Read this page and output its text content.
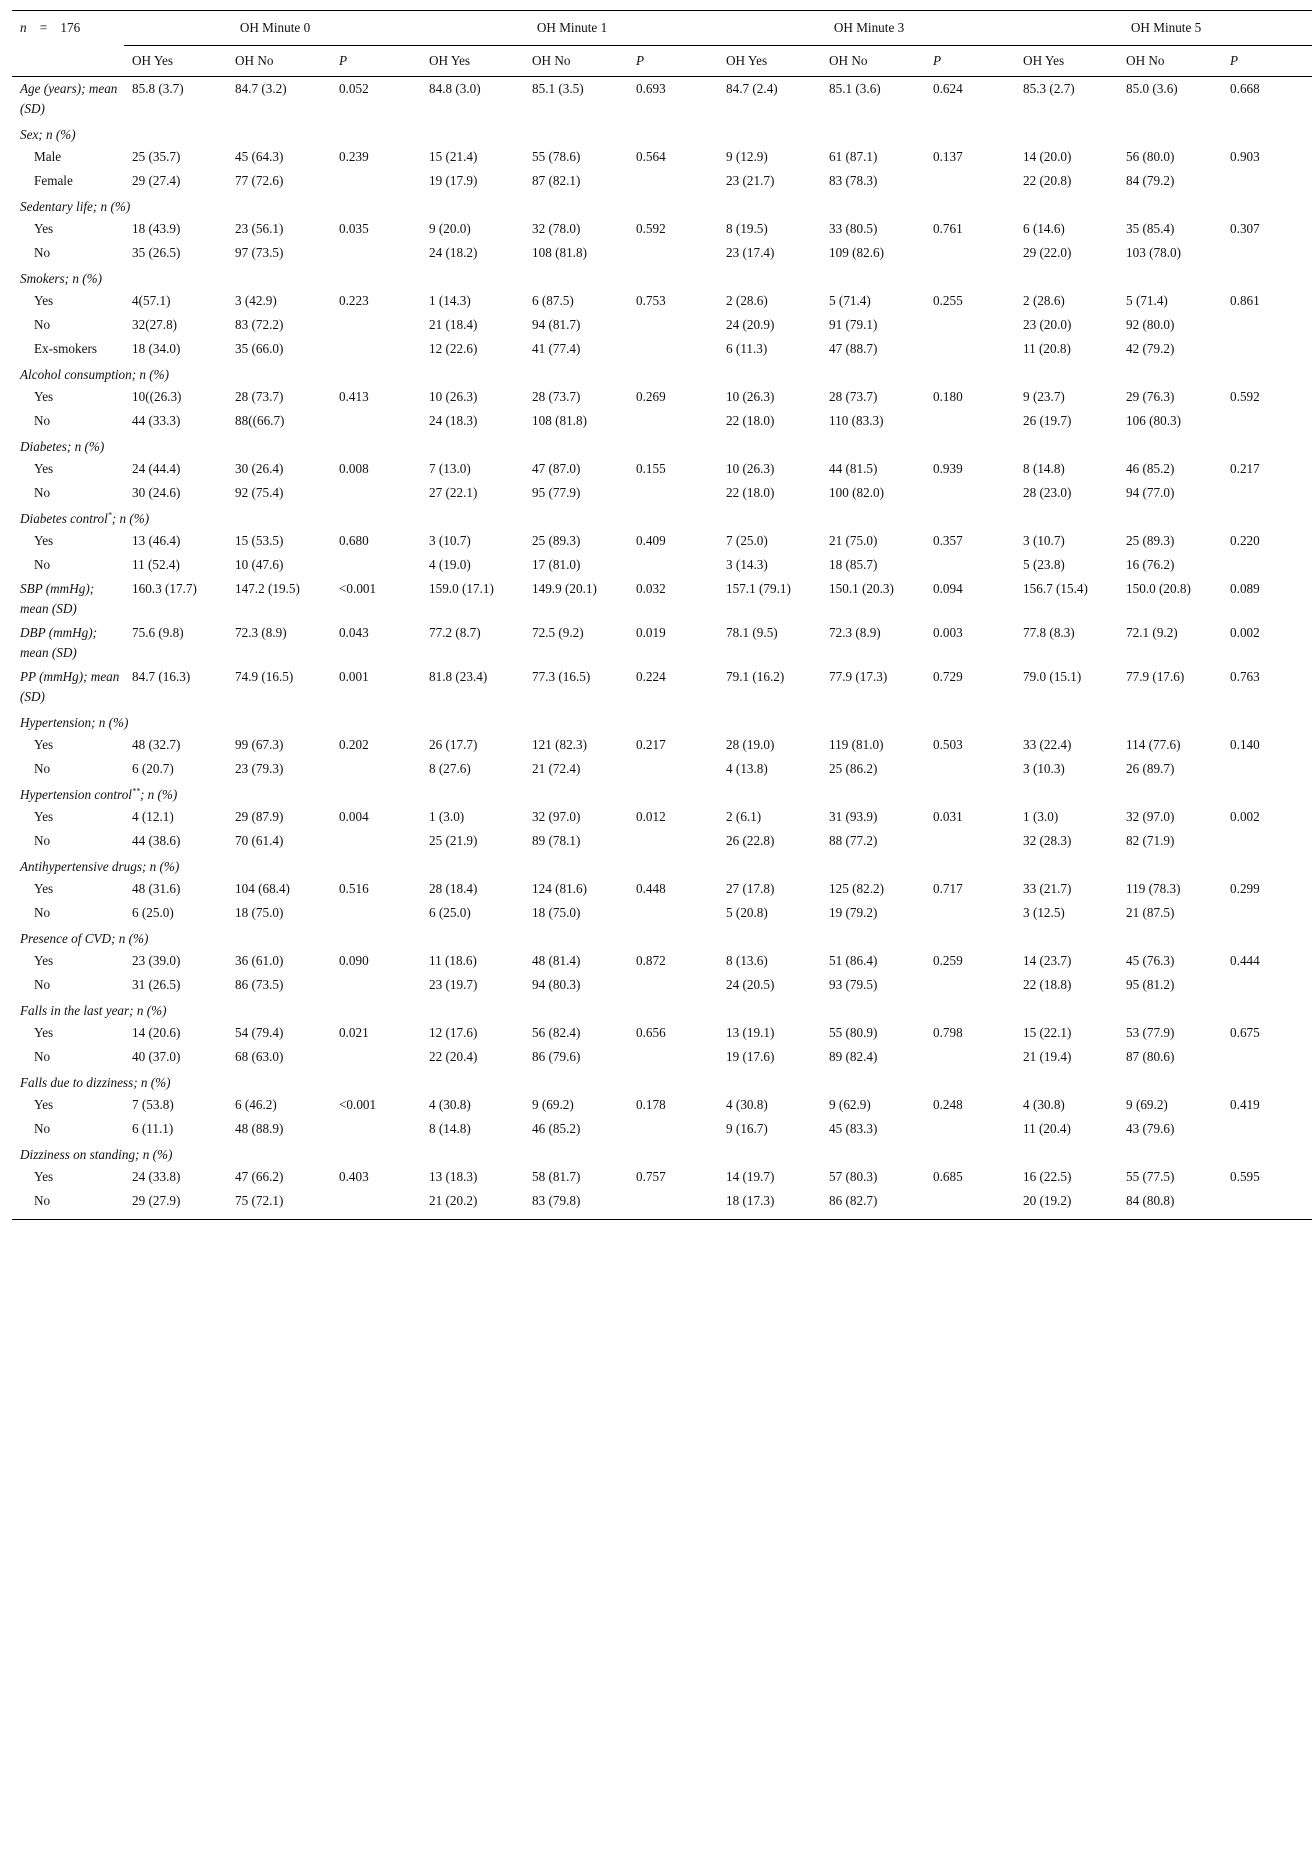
n = 176	OH Minute 0			OH Minute 1			OH Minute 3			OH Minute 5		
	OH Yes	OH No	P	OH Yes	OH No	P	OH Yes	OH No	P	OH Yes	OH No	P
Age (years); mean (SD)	85.8 (3.7)	84.7 (3.2)	0.052	84.8 (3.0)	85.1 (3.5)	0.693	84.7 (2.4)	85.1 (3.6)	0.624	85.3 (2.7)	85.0 (3.6)	0.668
Sex; n (%)												
Male	25 (35.7)	45 (64.3)	0.239	15 (21.4)	55 (78.6)	0.564	9 (12.9)	61 (87.1)	0.137	14 (20.0)	56 (80.0)	0.903
Female	29 (27.4)	77 (72.6)		19 (17.9)	87 (82.1)		23 (21.7)	83 (78.3)		22 (20.8)	84 (79.2)	
Sedentary life; n (%)												
Yes	18 (43.9)	23 (56.1)	0.035	9 (20.0)	32 (78.0)	0.592	8 (19.5)	33 (80.5)	0.761	6 (14.6)	35 (85.4)	0.307
No	35 (26.5)	97 (73.5)		24 (18.2)	108 (81.8)		23 (17.4)	109 (82.6)		29 (22.0)	103 (78.0)	
Smokers; n (%)												
Yes	4(57.1)	3 (42.9)	0.223	1 (14.3)	6 (87.5)	0.753	2 (28.6)	5 (71.4)	0.255	2 (28.6)	5 (71.4)	0.861
No	32(27.8)	83 (72.2)		21 (18.4)	94 (81.7)		24 (20.9)	91 (79.1)		23 (20.0)	92 (80.0)	
Ex-smokers	18 (34.0)	35 (66.0)		12 (22.6)	41 (77.4)		6 (11.3)	47 (88.7)		11 (20.8)	42 (79.2)	
Alcohol consumption; n (%)												
Yes	10((26.3)	28 (73.7)	0.413	10 (26.3)	28 (73.7)	0.269	10 (26.3)	28 (73.7)	0.180	9 (23.7)	29 (76.3)	0.592
No	44 (33.3)	88((66.7)		24 (18.3)	108 (81.8)		22 (18.0)	110 (83.3)		26 (19.7)	106 (80.3)	
Diabetes; n (%)												
Yes	24 (44.4)	30 (26.4)	0.008	7 (13.0)	47 (87.0)	0.155	10 (26.3)	44 (81.5)	0.939	8 (14.8)	46 (85.2)	0.217
No	30 (24.6)	92 (75.4)		27 (22.1)	95 (77.9)		22 (18.0)	100 (82.0)		28 (23.0)	94 (77.0)	
Diabetes control*; n (%)												
Yes	13 (46.4)	15 (53.5)	0.680	3 (10.7)	25 (89.3)	0.409	7 (25.0)	21 (75.0)	0.357	3 (10.7)	25 (89.3)	0.220
No	11 (52.4)	10 (47.6)		4 (19.0)	17 (81.0)		3 (14.3)	18 (85.7)		5 (23.8)	16 (76.2)	
SBP (mmHg); mean (SD)	160.3 (17.7)	147.2 (19.5)	<0.001	159.0 (17.1)	149.9 (20.1)	0.032	157.1 (79.1)	150.1 (20.3)	0.094	156.7 (15.4)	150.0 (20.8)	0.089
DBP (mmHg); mean (SD)	75.6 (9.8)	72.3 (8.9)	0.043	77.2 (8.7)	72.5 (9.2)	0.019	78.1 (9.5)	72.3 (8.9)	0.003	77.8 (8.3)	72.1 (9.2)	0.002
PP (mmHg); mean (SD)	84.7 (16.3)	74.9 (16.5)	0.001	81.8 (23.4)	77.3 (16.5)	0.224	79.1 (16.2)	77.9 (17.3)	0.729	79.0 (15.1)	77.9 (17.6)	0.763
Hypertension; n (%)												
Yes	48 (32.7)	99 (67.3)	0.202	26 (17.7)	121 (82.3)	0.217	28 (19.0)	119 (81.0)	0.503	33 (22.4)	114 (77.6)	0.140
No	6 (20.7)	23 (79.3)		8 (27.6)	21 (72.4)		4 (13.8)	25 (86.2)		3 (10.3)	26 (89.7)	
Hypertension control**; n (%)												
Yes	4 (12.1)	29 (87.9)	0.004	1 (3.0)	32 (97.0)	0.012	2 (6.1)	31 (93.9)	0.031	1 (3.0)	32 (97.0)	0.002
No	44 (38.6)	70 (61.4)		25 (21.9)	89 (78.1)		26 (22.8)	88 (77.2)		32 (28.3)	82 (71.9)	
Antihypertensive drugs; n (%)												
Yes	48 (31.6)	104 (68.4)	0.516	28 (18.4)	124 (81.6)	0.448	27 (17.8)	125 (82.2)	0.717	33 (21.7)	119 (78.3)	0.299
No	6 (25.0)	18 (75.0)		6 (25.0)	18 (75.0)		5 (20.8)	19 (79.2)		3 (12.5)	21 (87.5)	
Presence of CVD; n (%)												
Yes	23 (39.0)	36 (61.0)	0.090	11 (18.6)	48 (81.4)	0.872	8 (13.6)	51 (86.4)	0.259	14 (23.7)	45 (76.3)	0.444
No	31 (26.5)	86 (73.5)		23 (19.7)	94 (80.3)		24 (20.5)	93 (79.5)		22 (18.8)	95 (81.2)	
Falls in the last year; n (%)												
Yes	14 (20.6)	54 (79.4)	0.021	12 (17.6)	56 (82.4)	0.656	13 (19.1)	55 (80.9)	0.798	15 (22.1)	53 (77.9)	0.675
No	40 (37.0)	68 (63.0)		22 (20.4)	86 (79.6)		19 (17.6)	89 (82.4)		21 (19.4)	87 (80.6)	
Falls due to dizziness; n (%)												
Yes	7 (53.8)	6 (46.2)	<0.001	4 (30.8)	9 (69.2)	0.178	4 (30.8)	9 (62.9)	0.248	4 (30.8)	9 (69.2)	0.419
No	6 (11.1)	48 (88.9)		8 (14.8)	46 (85.2)		9 (16.7)	45 (83.3)		11 (20.4)	43 (79.6)	
Dizziness on standing; n (%)												
Yes	24 (33.8)	47 (66.2)	0.403	13 (18.3)	58 (81.7)	0.757	14 (19.7)	57 (80.3)	0.685	16 (22.5)	55 (77.5)	0.595
No	29 (27.9)	75 (72.1)		21 (20.2)	83 (79.8)		18 (17.3)	86 (82.7)		20 (19.2)	84 (80.8)	
